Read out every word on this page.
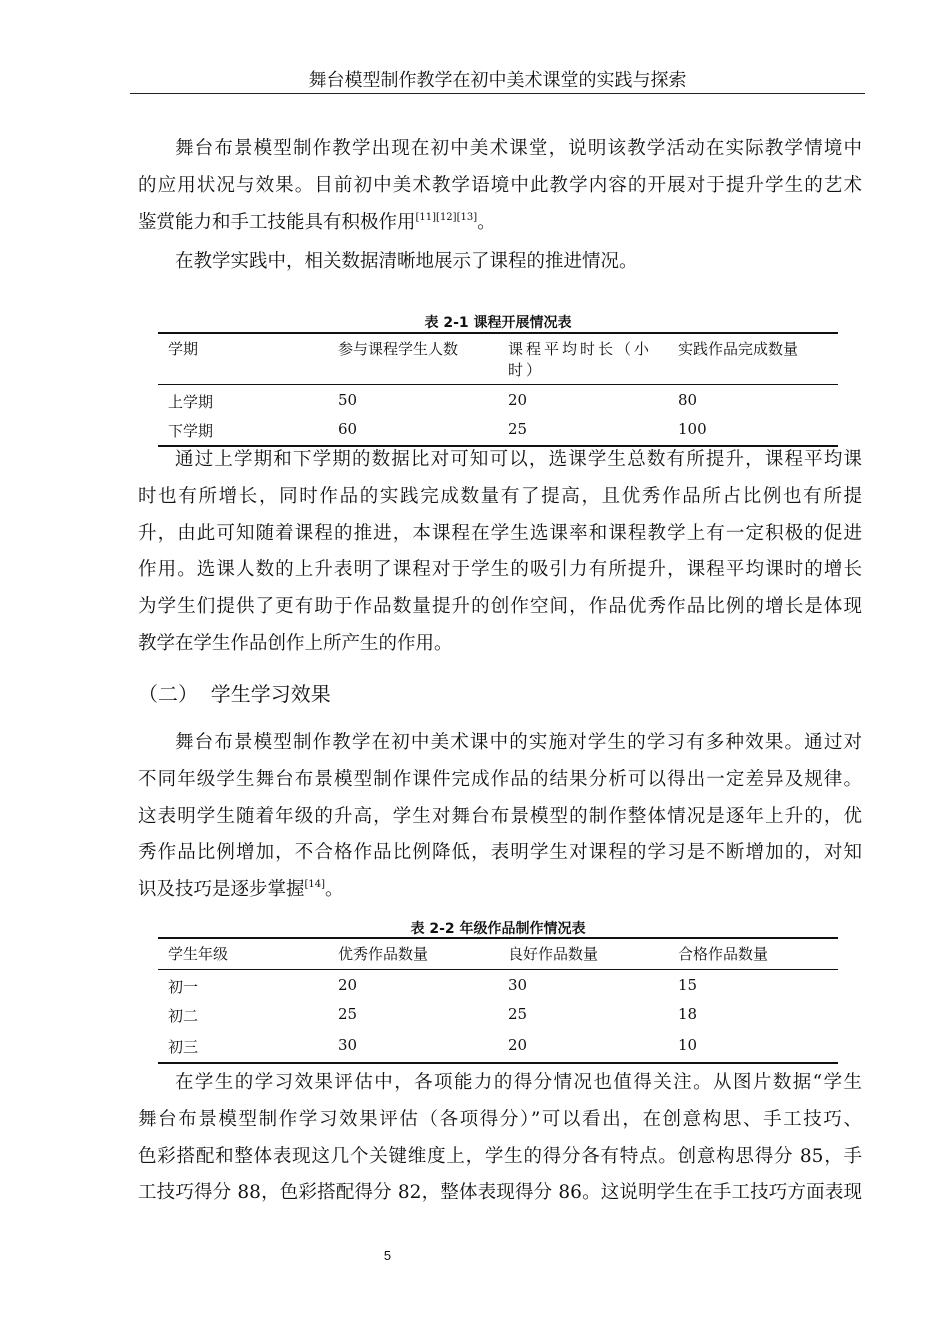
舞台模型制作教学在初中美术课堂的实践与探索
舞台布景模型制作教学出现在初中美术课堂，说明该教学活动在实际教学情境中
的应用状况与效果。目前初中美术教学语境中此教学内容的开展对于提升学生的艺术
鉴赏能力和手工技能具有积极作用[11][12][13]。
在教学实践中，相关数据清晰地展示了课程的推进情况。
表 2-1 课程开展情况表
学期	参与课程学生人数	课程平均时长（小时）	实践作品完成数量
上学期	50	20	80
下学期	60	25	100
通过上学期和下学期的数据比对可知可以，选课学生总数有所提升，课程平均课
时也有所增长，同时作品的实践完成数量有了提高，且优秀作品所占比例也有所提
升，由此可知随着课程的推进，本课程在学生选课率和课程教学上有一定积极的促进
作用。选课人数的上升表明了课程对于学生的吸引力有所提升，课程平均课时的增长
为学生们提供了更有助于作品数量提升的创作空间，作品优秀作品比例的增长是体现
教学在学生作品创作上所产生的作用。
（二）  学生学习效果
舞台布景模型制作教学在初中美术课中的实施对学生的学习有多种效果。通过对
不同年级学生舞台布景模型制作课件完成作品的结果分析可以得出一定差异及规律。
这表明学生随着年级的升高，学生对舞台布景模型的制作整体情况是逐年上升的，优
秀作品比例增加，不合格作品比例降低，表明学生对课程的学习是不断增加的，对知
识及技巧是逐步掌握[14]。
表 2-2 年级作品制作情况表
学生年级	优秀作品数量	良好作品数量	合格作品数量
初一	20	30	15
初二	25	25	18
初三	30	20	10
在学生的学习效果评估中，各项能力的得分情况也值得关注。从图片数据“学生
舞台布景模型制作学习效果评估（各项得分）”可以看出，在创意构思、手工技巧、
色彩搭配和整体表现这几个关键维度上，学生的得分各有特点。创意构思得分 85，手
工技巧得分 88，色彩搭配得分 82，整体表现得分 86。这说明学生在手工技巧方面表现
5
